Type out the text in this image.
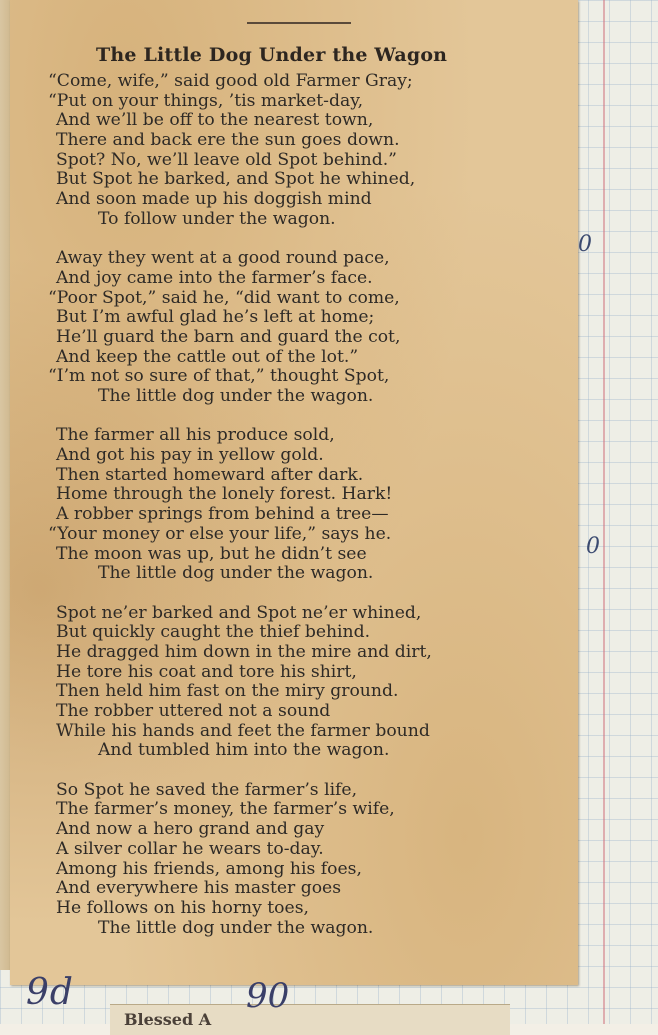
The Little Dog Under the Wagon
“Come, wife,” said good old Farmer Gray;
“Put on your things, ’tis market-day,
And we’ll be off to the nearest town,
There and back ere the sun goes down.
Spot? No, we’ll leave old Spot behind.”
But Spot he barked, and Spot he whined,
And soon made up his doggish mind
To follow under the wagon.
Away they went at a good round pace,
And joy came into the farmer’s face.
“Poor Spot,” said he, “did want to come,
But I’m awful glad he’s left at home;
He’ll guard the barn and guard the cot,
And keep the cattle out of the lot.”
“I’m not so sure of that,” thought Spot,
The little dog under the wagon.
The farmer all his produce sold,
And got his pay in yellow gold.
Then started homeward after dark.
Home through the lonely forest. Hark!
A robber springs from behind a tree—
“Your money or else your life,” says he.
The moon was up, but he didn’t see
The little dog under the wagon.
Spot ne’er barked and Spot ne’er whined,
But quickly caught the thief behind.
He dragged him down in the mire and dirt,
He tore his coat and tore his shirt,
Then held him fast on the miry ground.
The robber uttered not a sound
While his hands and feet the farmer bound
And tumbled him into the wagon.
So Spot he saved the farmer’s life,
The farmer’s money, the farmer’s wife,
And now a hero grand and gay
A silver collar he wears to-day.
Among his friends, among his foes,
And everywhere his master goes
He follows on his horny toes,
The little dog under the wagon.
0
0
Blessed A
9d	90
